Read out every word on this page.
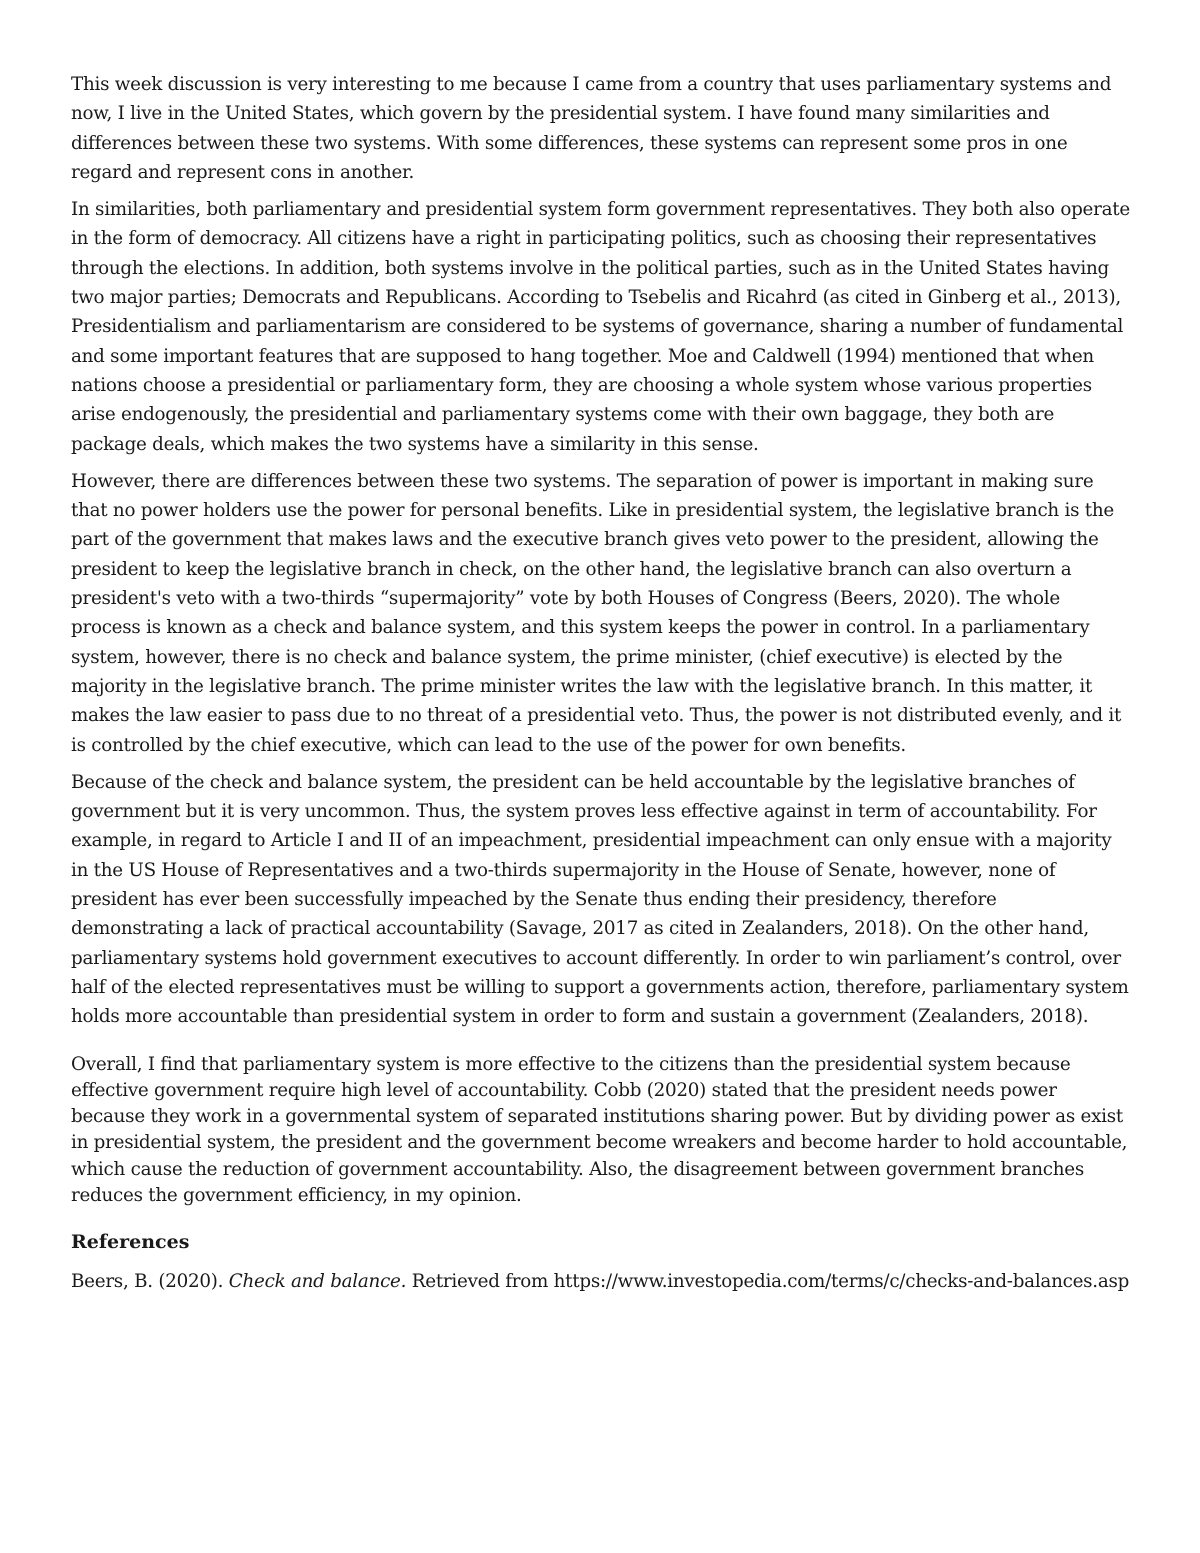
This week discussion is very interesting to me because I came from a country that uses parliamentary systems and now, I live in the United States, which govern by the presidential system. I have found many similarities and differences between these two systems. With some differences, these systems can represent some pros in one regard and represent cons in another.

In similarities, both parliamentary and presidential system form government representatives. They both also operate in the form of democracy. All citizens have a right in participating politics, such as choosing their representatives through the elections. In addition, both systems involve in the political parties, such as in the United States having two major parties; Democrats and Republicans. According to Tsebelis and Ricahrd (as cited in Ginberg et al., 2013), Presidentialism and parliamentarism are considered to be systems of governance, sharing a number of fundamental and some important features that are supposed to hang together. Moe and Caldwell (1994) mentioned that when nations choose a presidential or parliamentary form, they are choosing a whole system whose various properties arise endogenously, the presidential and parliamentary systems come with their own baggage, they both are package deals, which makes the two systems have a similarity in this sense.

However, there are differences between these two systems. The separation of power is important in making sure that no power holders use the power for personal benefits. Like in presidential system, the legislative branch is the part of the government that makes laws and the executive branch gives veto power to the president, allowing the president to keep the legislative branch in check, on the other hand, the legislative branch can also overturn a president's veto with a two-thirds “supermajority” vote by both Houses of Congress (Beers, 2020). The whole process is known as a check and balance system, and this system keeps the power in control. In a parliamentary system, however, there is no check and balance system, the prime minister, (chief executive) is elected by the majority in the legislative branch. The prime minister writes the law with the legislative branch. In this matter, it makes the law easier to pass due to no threat of a presidential veto. Thus, the power is not distributed evenly, and it is controlled by the chief executive, which can lead to the use of the power for own benefits.

Because of the check and balance system, the president can be held accountable by the legislative branches of government but it is very uncommon. Thus, the system proves less effective against in term of accountability. For example, in regard to Article I and II of an impeachment, presidential impeachment can only ensue with a majority in the US House of Representatives and a two-thirds supermajority in the House of Senate, however, none of president has ever been successfully impeached by the Senate thus ending their presidency, therefore demonstrating a lack of practical accountability (Savage, 2017 as cited in Zealanders, 2018). On the other hand, parliamentary systems hold government executives to account differently. In order to win parliament’s control, over half of the elected representatives must be willing to support a governments action, therefore, parliamentary system holds more accountable than presidential system in order to form and sustain a government (Zealanders, 2018).

Overall, I find that parliamentary system is more effective to the citizens than the presidential system because effective government require high level of accountability. Cobb (2020) stated that the president needs power because they work in a governmental system of separated institutions sharing power. But by dividing power as exist in presidential system, the president and the government become wreakers and become harder to hold accountable, which cause the reduction of government accountability. Also, the disagreement between government branches reduces the government efficiency, in my opinion.

References

Beers, B. (2020). Check and balance. Retrieved from https://www.investopedia.com/terms/c/checks-and-balances.asp
